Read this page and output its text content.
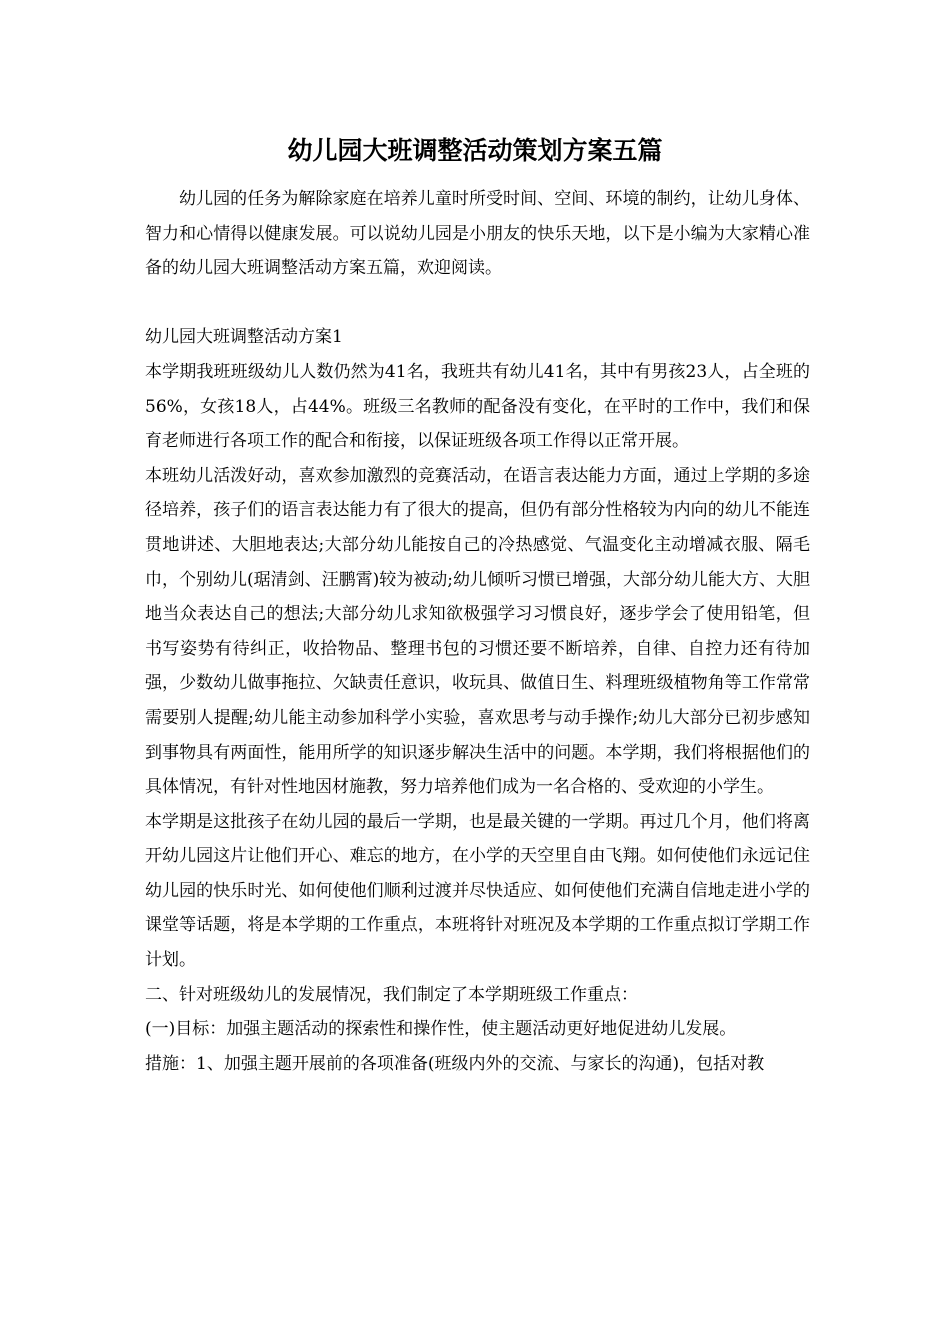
幼儿园大班调整活动策划方案五篇

幼儿园的任务为解除家庭在培养儿童时所受时间、空间、环境的制约，让幼儿身体、智力和心情得以健康发展。可以说幼儿园是小朋友的快乐天地，以下是小编为大家精心准备的幼儿园大班调整活动方案五篇，欢迎阅读。

幼儿园大班调整活动方案1

本学期我班班级幼儿人数仍然为41名，我班共有幼儿41名，其中有男孩23人，占全班的56%，女孩18人，占44%。班级三名教师的配备没有变化，在平时的工作中，我们和保育老师进行各项工作的配合和衔接，以保证班级各项工作得以正常开展。

本班幼儿活泼好动，喜欢参加激烈的竞赛活动，在语言表达能力方面，通过上学期的多途径培养，孩子们的语言表达能力有了很大的提高，但仍有部分性格较为内向的幼儿不能连贯地讲述、大胆地表达;大部分幼儿能按自己的冷热感觉、气温变化主动增减衣服、隔毛巾，个别幼儿(琚清剑、汪鹏霄)较为被动;幼儿倾听习惯已增强，大部分幼儿能大方、大胆地当众表达自己的想法;大部分幼儿求知欲极强学习习惯良好，逐步学会了使用铅笔，但书写姿势有待纠正，收拾物品、整理书包的习惯还要不断培养，自律、自控力还有待加强，少数幼儿做事拖拉、欠缺责任意识，收玩具、做值日生、料理班级植物角等工作常常需要别人提醒;幼儿能主动参加科学小实验，喜欢思考与动手操作;幼儿大部分已初步感知到事物具有两面性，能用所学的知识逐步解决生活中的问题。本学期，我们将根据他们的具体情况，有针对性地因材施教，努力培养他们成为一名合格的、受欢迎的小学生。

本学期是这批孩子在幼儿园的最后一学期，也是最关键的一学期。再过几个月，他们将离开幼儿园这片让他们开心、难忘的地方，在小学的天空里自由飞翔。如何使他们永远记住幼儿园的快乐时光、如何使他们顺利过渡并尽快适应、如何使他们充满自信地走进小学的课堂等话题，将是本学期的工作重点，本班将针对班况及本学期的工作重点拟订学期工作计划。

二、针对班级幼儿的发展情况，我们制定了本学期班级工作重点：

(一)目标：加强主题活动的探索性和操作性，使主题活动更好地促进幼儿发展。

措施：1、加强主题开展前的各项准备(班级内外的交流、与家长的沟通)，包括对教
